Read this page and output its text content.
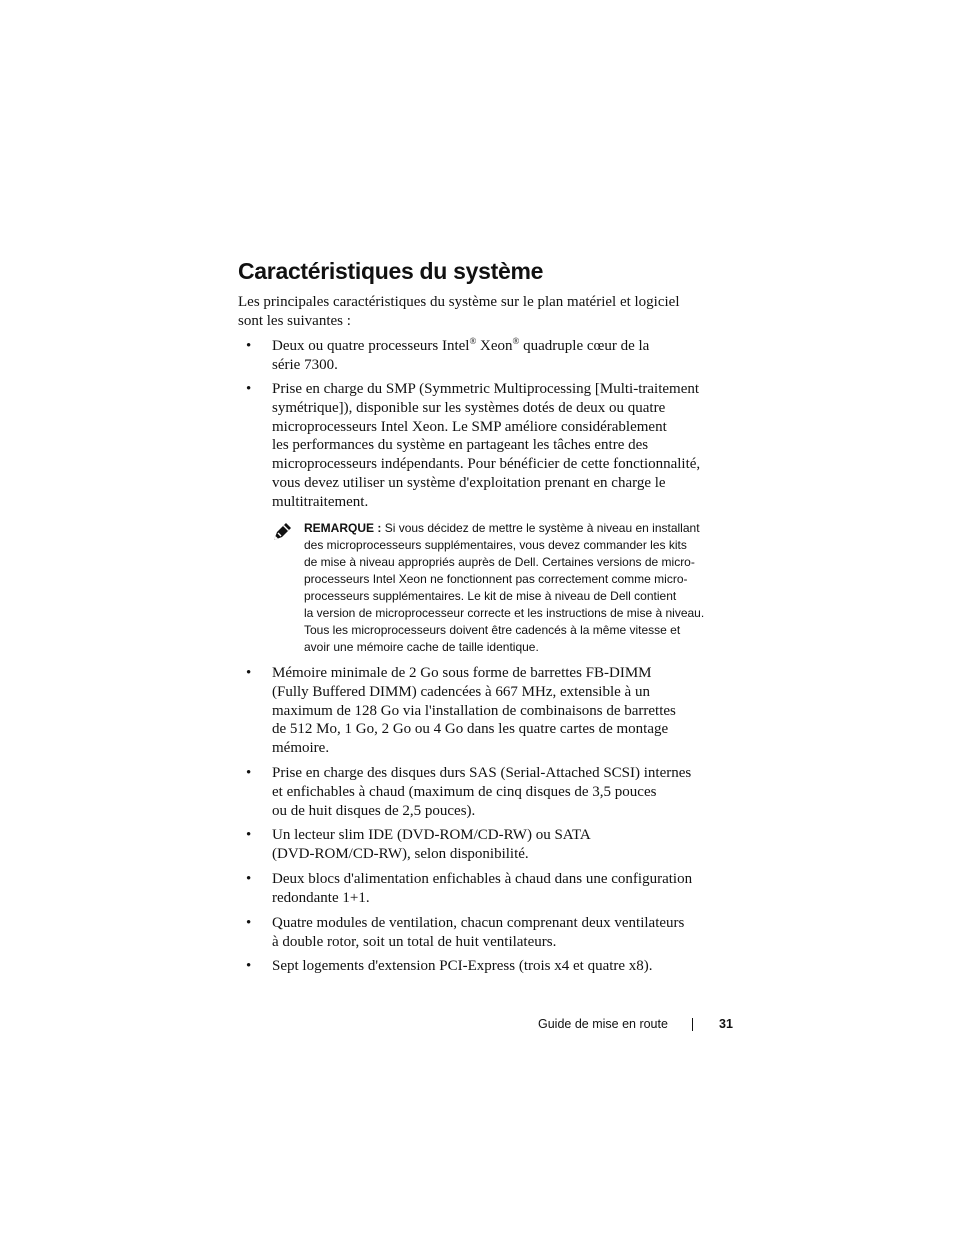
Caractéristiques du système

Les principales caractéristiques du système sur le plan matériel et logiciel
sont les suivantes :

• Deux ou quatre processeurs Intel® Xeon® quadruple cœur de la
série 7300.
• Prise en charge du SMP (Symmetric Multiprocessing [Multi-traitement
symétrique]), disponible sur les systèmes dotés de deux ou quatre
microprocesseurs Intel Xeon. Le SMP améliore considérablement
les performances du système en partageant les tâches entre des
microprocesseurs indépendants. Pour bénéficier de cette fonctionnalité,
vous devez utiliser un système d'exploitation prenant en charge le
multitraitement.
REMARQUE : Si vous décidez de mettre le système à niveau en installant
des microprocesseurs supplémentaires, vous devez commander les kits
de mise à niveau appropriés auprès de Dell. Certaines versions de micro-
processeurs Intel Xeon ne fonctionnent pas correctement comme micro-
processeurs supplémentaires. Le kit de mise à niveau de Dell contient
la version de microprocesseur correcte et les instructions de mise à niveau.
Tous les microprocesseurs doivent être cadencés à la même vitesse et
avoir une mémoire cache de taille identique.
• Mémoire minimale de 2 Go sous forme de barrettes FB-DIMM
(Fully Buffered DIMM) cadencées à 667 MHz, extensible à un
maximum de 128 Go via l'installation de combinaisons de barrettes
de 512 Mo, 1 Go, 2 Go ou 4 Go dans les quatre cartes de montage
mémoire.
• Prise en charge des disques durs SAS (Serial-Attached SCSI) internes
et enfichables à chaud (maximum de cinq disques de 3,5 pouces
ou de huit disques de 2,5 pouces).
• Un lecteur slim IDE (DVD-ROM/CD-RW) ou SATA
(DVD-ROM/CD-RW), selon disponibilité.
• Deux blocs d'alimentation enfichables à chaud dans une configuration
redondante 1+1.
• Quatre modules de ventilation, chacun comprenant deux ventilateurs
à double rotor, soit un total de huit ventilateurs.
• Sept logements d'extension PCI-Express (trois x4 et quatre x8).
Guide de mise en route	31
